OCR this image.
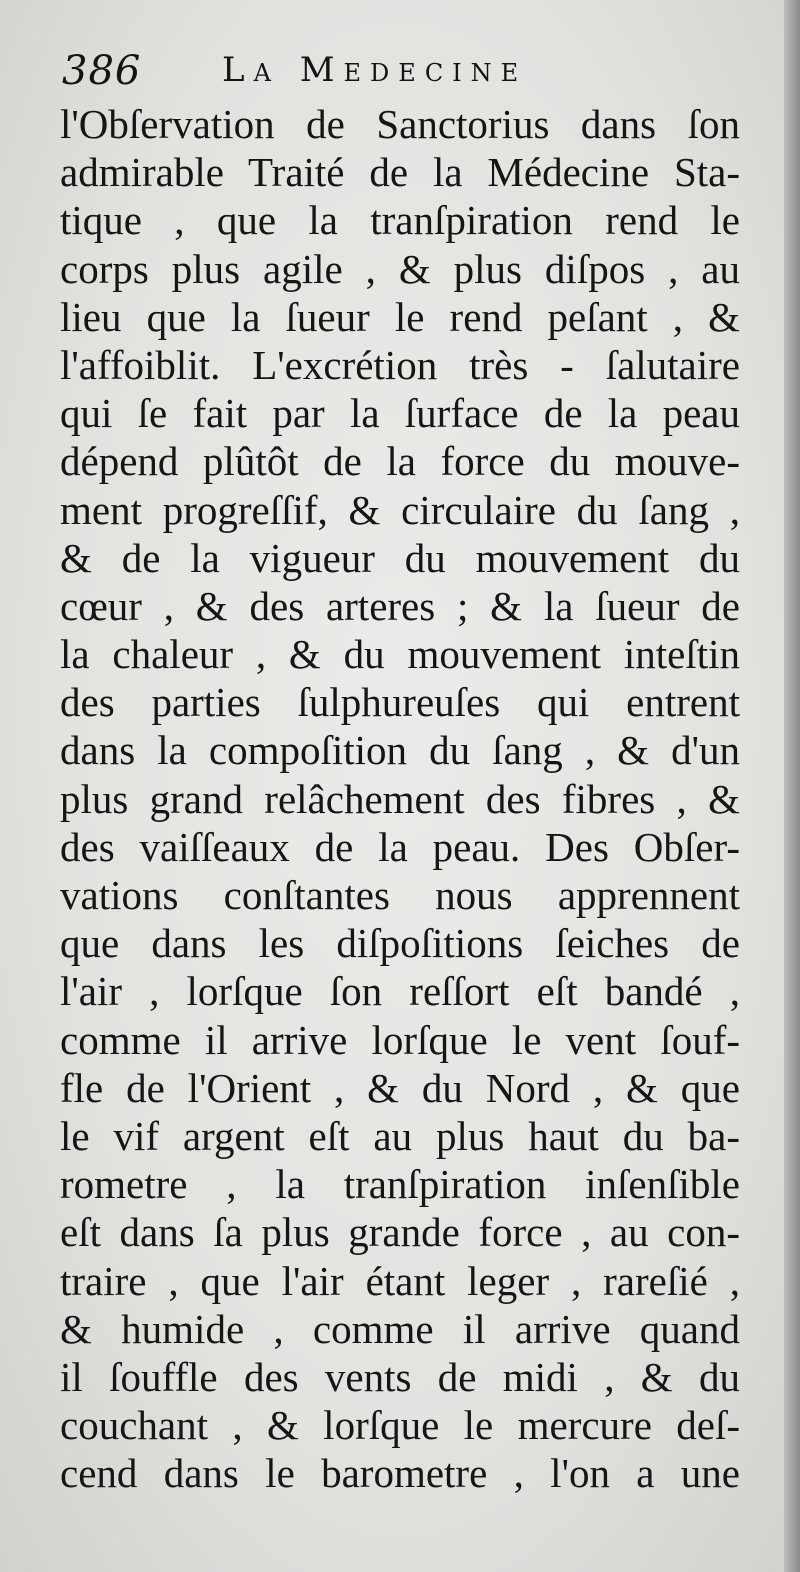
386 La Medecine
l'Obſervation de Sanctorius dans ſon
admirable Traité de la Médecine Sta-
tique , que la tranſpiration rend le
corps plus agile , & plus diſpos , au
lieu que la ſueur le rend peſant , &
l'affoiblit. L'excrétion très - ſalutaire
qui ſe fait par la ſurface de la peau
dépend plûtôt de la force du mouve-
ment progreſſif, & circulaire du ſang ,
& de la vigueur du mouvement du
cœur , & des arteres ; & la ſueur de
la chaleur , & du mouvement inteſtin
des parties ſulphureuſes qui entrent
dans la compoſition du ſang , & d'un
plus grand relâchement des fibres , &
des vaiſſeaux de la peau. Des Obſer-
vations conſtantes nous apprennent
que dans les diſpoſitions ſeiches de
l'air , lorſque ſon reſſort eſt bandé ,
comme il arrive lorſque le vent ſouf-
fle de l'Orient , & du Nord , & que
le vif argent eſt au plus haut du ba-
rometre , la tranſpiration inſenſible
eſt dans ſa plus grande force , au con-
traire , que l'air étant leger , rareſié ,
& humide , comme il arrive quand
il ſouffle des vents de midi , & du
couchant , & lorſque le mercure deſ-
cend dans le barometre , l'on a une
